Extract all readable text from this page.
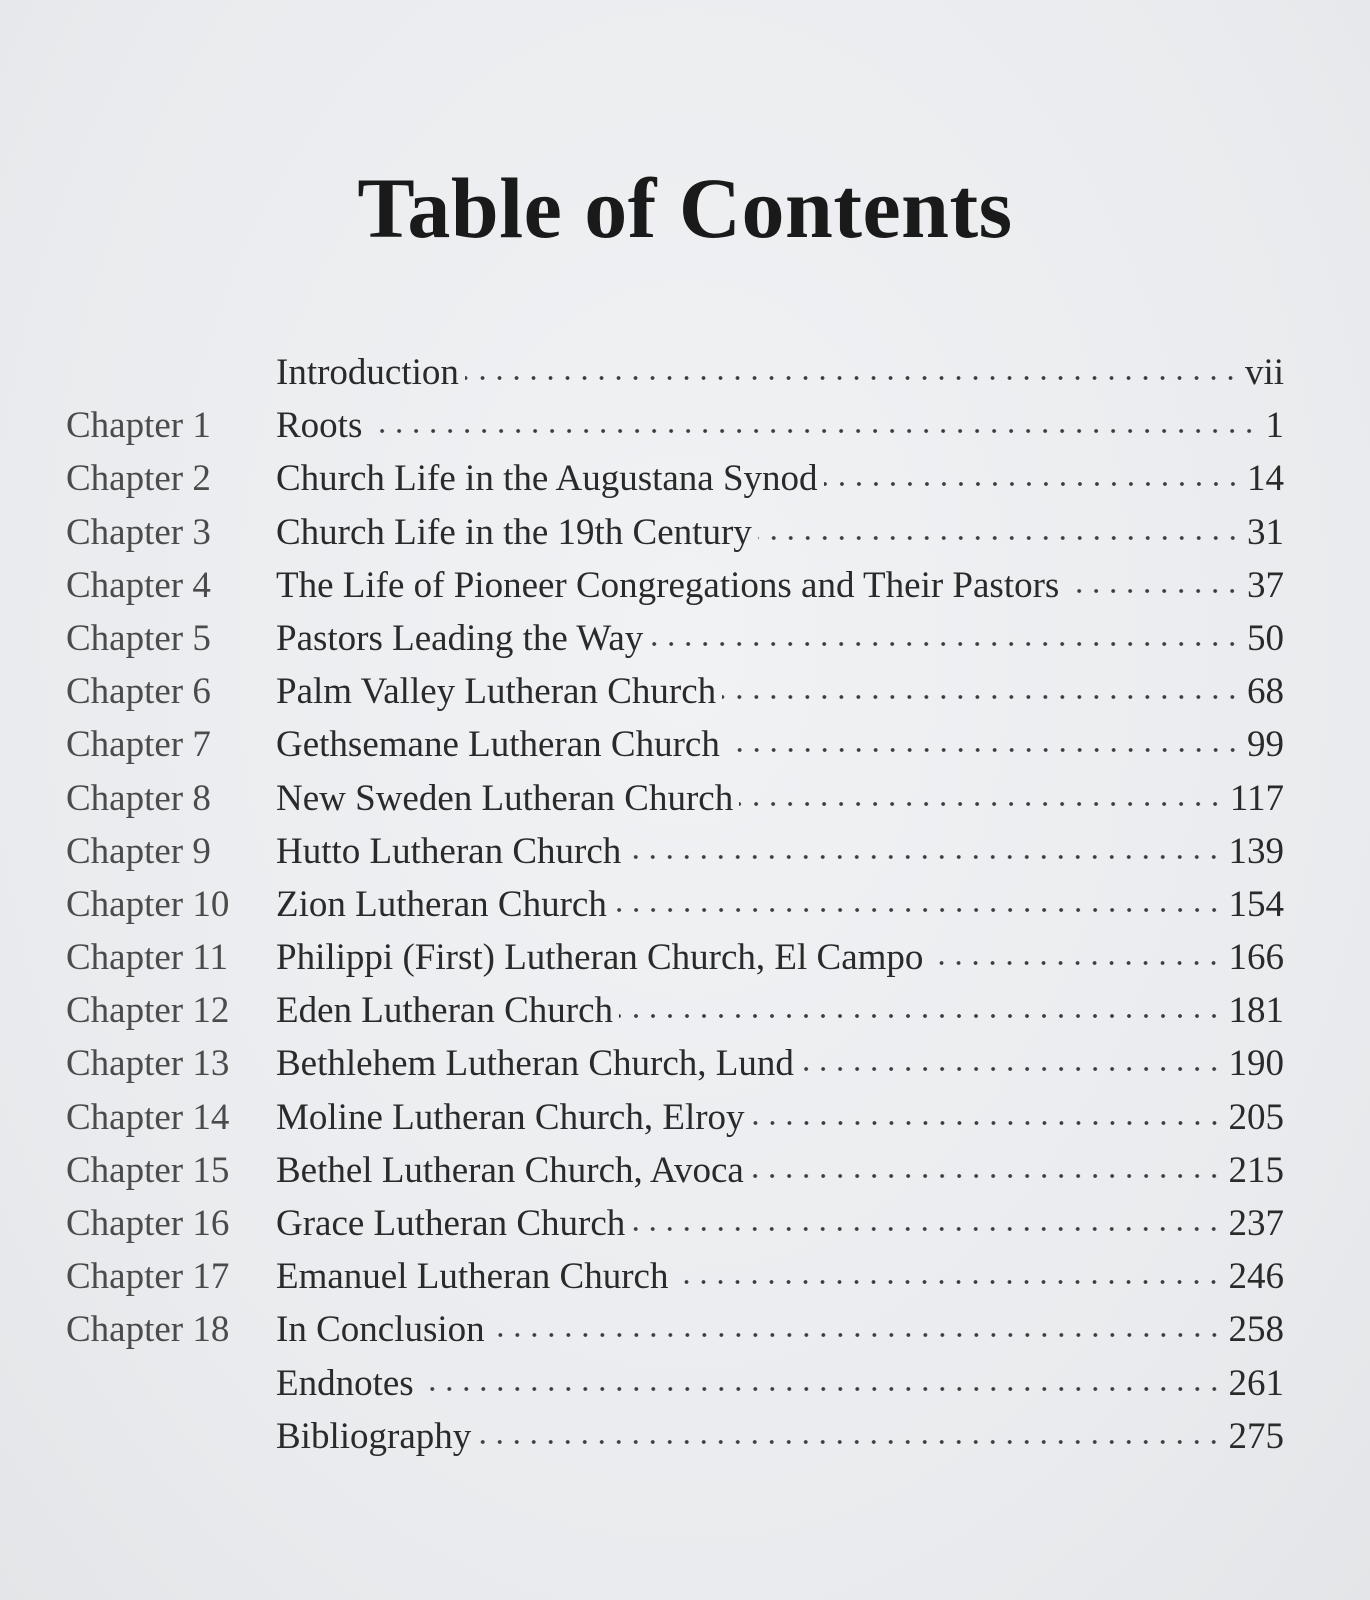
Table of Contents
Introduction	vii
Chapter 1	Roots	1
Chapter 2	Church Life in the Augustana Synod	14
Chapter 3	Church Life in the 19th Century	31
Chapter 4	The Life of Pioneer Congregations and Their Pastors	37
Chapter 5	Pastors Leading the Way	50
Chapter 6	Palm Valley Lutheran Church	68
Chapter 7	Gethsemane Lutheran Church	99
Chapter 8	New Sweden Lutheran Church	117
Chapter 9	Hutto Lutheran Church	139
Chapter 10	Zion Lutheran Church	154
Chapter 11	Philippi (First) Lutheran Church, El Campo	166
Chapter 12	Eden Lutheran Church	181
Chapter 13	Bethlehem Lutheran Church, Lund	190
Chapter 14	Moline Lutheran Church, Elroy	205
Chapter 15	Bethel Lutheran Church, Avoca	215
Chapter 16	Grace Lutheran Church	237
Chapter 17	Emanuel Lutheran Church	246
Chapter 18	In Conclusion	258
Endnotes	261
Bibliography	275
